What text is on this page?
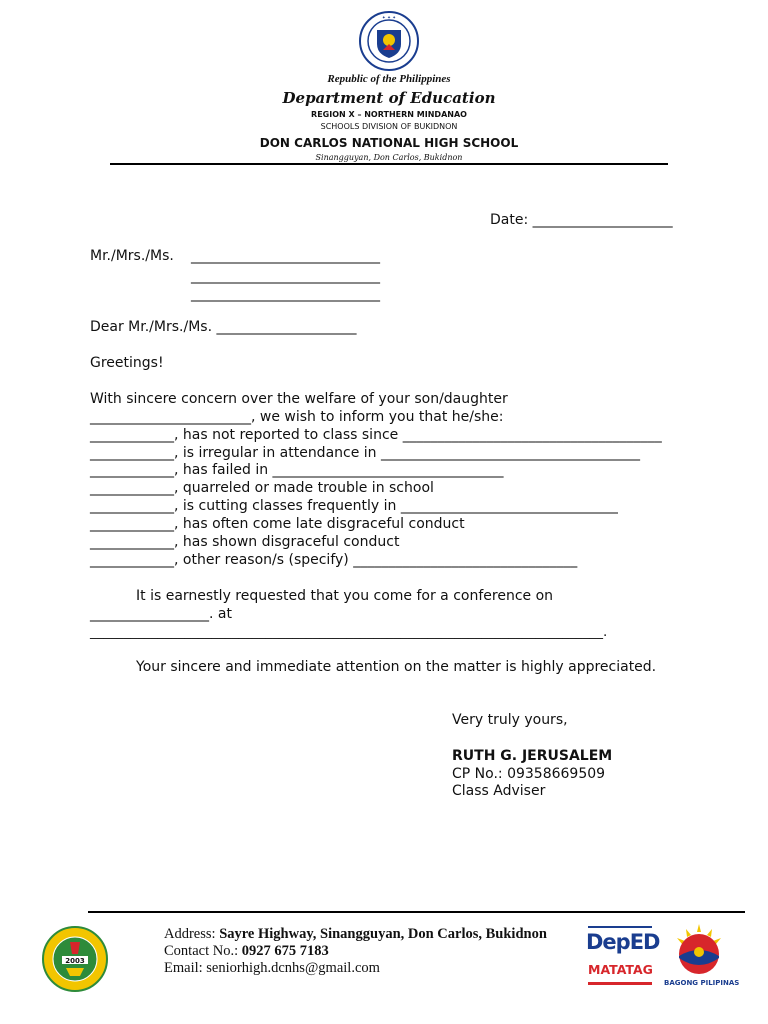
✦ ✦ ✦
Republic of the Philippines
Department of Education
REGION X – NORTHERN MINDANAO
SCHOOLS DIVISION OF BUKIDNON
DON CARLOS NATIONAL HIGH SCHOOL
Sinangguyan, Don Carlos, Bukidnon
Date: ____________________
Mr./Mrs./Ms. ___________________________
___________________________
___________________________
Dear Mr./Mrs./Ms. ____________________
Greetings!
With sincere concern over the welfare of your son/daughter
_______________________, we wish to inform you that he/she:
____________, has not reported to class since _____________________________________
____________, is irregular in attendance in _____________________________________
____________, has failed in _________________________________
____________, quarreled or made trouble in school
____________, is cutting classes frequently in _______________________________
____________, has often come late disgraceful conduct
____________, has shown disgraceful conduct
____________, other reason/s (specify) ________________________________
It is earnestly requested that you come for a conference on
_________________. at
____________________________________________________________________________.
Your sincere and immediate attention on the matter is highly appreciated.
Very truly yours,
RUTH G. JERUSALEM
CP No.: 09358669509
Class Adviser
2003
Address: Sayre Highway, Sinangguyan, Don Carlos, Bukidnon
Contact No.: 0927 675 7183
Email: seniorhigh.dcnhs@gmail.com
DepED
MATATAG
BAGONG PILIPINAS
